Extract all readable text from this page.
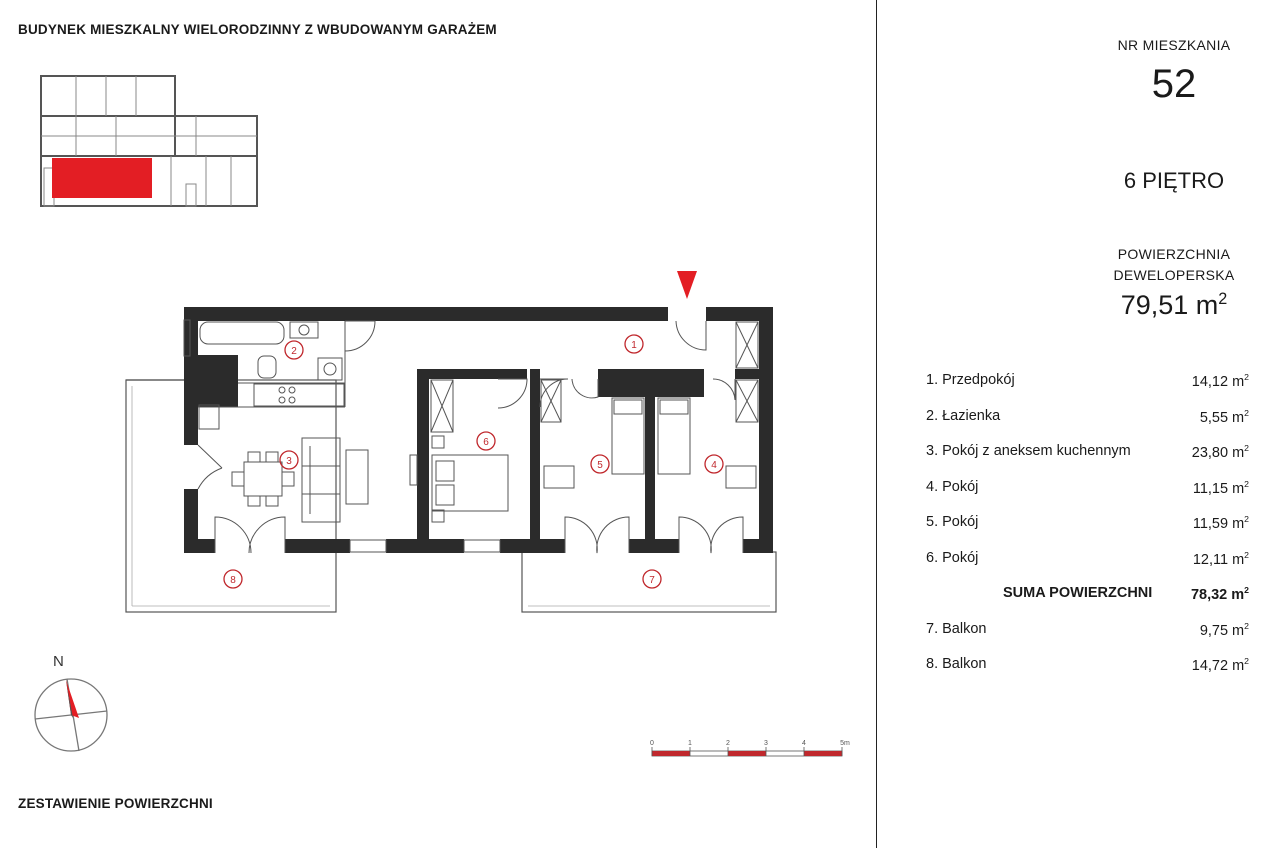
BUDYNEK MIESZKALNY WIELORODZINNY Z WBUDOWANYM GARAŻEM
1
2
3	4
5
6
7
8
N
0	1	2	3	4	5m
ZESTAWIENIE POWIERZCHNI
NR MIESZKANIA
52
6 PIĘTRO
POWIERZCHNIA
DEWELOPERSKA
79,51 $m^2$
1. Przedpokój	14,12 $m^2$
2. Łazienka	5,55 $m^2$
3. Pokój z aneksem kuchennym	23,80 $m^2$
4. Pokój	11,15 $m^2$
5. Pokój	11,59 $m^2$
6. Pokój	12,11 $m^2$
SUMA POWIERZCHNI	78,32 $m^2$
7. Balkon	9,75 $m^2$
8. Balkon	14,72 $m^2$
